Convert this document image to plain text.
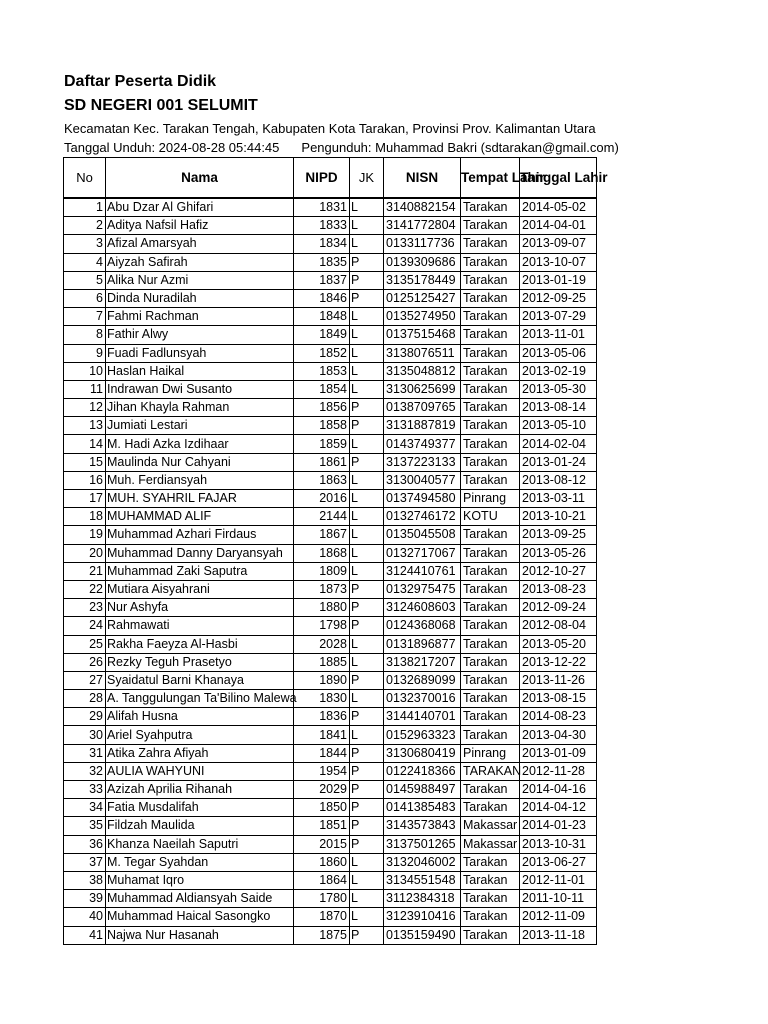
Daftar Peserta Didik
SD NEGERI 001 SELUMIT
Kecamatan Kec. Tarakan Tengah, Kabupaten Kota Tarakan, Provinsi Prov. Kalimantan Utara
Tanggal Unduh: 2024-08-28 05:44:45 Pengunduh: Muhammad Bakri (sdtarakan@gmail.com)
No	Nama	NIPD	JK	NISN	Tempat Lahir	Tanggal Lahir

1	Abu Dzar Al Ghifari	1831	L	3140882154	Tarakan	2014-05-02
2	Aditya Nafsil Hafiz	1833	L	3141772804	Tarakan	2014-04-01
3	Afizal Amarsyah	1834	L	0133117736	Tarakan	2013-09-07
4	Aiyzah Safirah	1835	P	0139309686	Tarakan	2013-10-07
5	Alika Nur Azmi	1837	P	3135178449	Tarakan	2013-01-19
6	Dinda Nuradilah	1846	P	0125125427	Tarakan	2012-09-25
7	Fahmi Rachman	1848	L	0135274950	Tarakan	2013-07-29
8	Fathir Alwy	1849	L	0137515468	Tarakan	2013-11-01
9	Fuadi Fadlunsyah	1852	L	3138076511	Tarakan	2013-05-06
10	Haslan Haikal	1853	L	3135048812	Tarakan	2013-02-19
11	Indrawan Dwi Susanto	1854	L	3130625699	Tarakan	2013-05-30
12	Jihan Khayla Rahman	1856	P	0138709765	Tarakan	2013-08-14
13	Jumiati Lestari	1858	P	3131887819	Tarakan	2013-05-10
14	M. Hadi Azka Izdihaar	1859	L	0143749377	Tarakan	2014-02-04
15	Maulinda Nur Cahyani	1861	P	3137223133	Tarakan	2013-01-24
16	Muh. Ferdiansyah	1863	L	3130040577	Tarakan	2013-08-12
17	MUH. SYAHRIL FAJAR	2016	L	0137494580	Pinrang	2013-03-11
18	MUHAMMAD ALIF	2144	L	0132746172	KOTU	2013-10-21
19	Muhammad Azhari Firdaus	1867	L	0135045508	Tarakan	2013-09-25
20	Muhammad Danny Daryansyah	1868	L	0132717067	Tarakan	2013-05-26
21	Muhammad Zaki Saputra	1809	L	3124410761	Tarakan	2012-10-27
22	Mutiara Aisyahrani	1873	P	0132975475	Tarakan	2013-08-23
23	Nur Ashyfa	1880	P	3124608603	Tarakan	2012-09-24
24	Rahmawati	1798	P	0124368068	Tarakan	2012-08-04
25	Rakha Faeyza Al-Hasbi	2028	L	0131896877	Tarakan	2013-05-20
26	Rezky Teguh Prasetyo	1885	L	3138217207	Tarakan	2013-12-22
27	Syaidatul Barni Khanaya	1890	P	0132689099	Tarakan	2013-11-26
28	A. Tanggulungan Ta'Bilino Malewa	1830	L	0132370016	Tarakan	2013-08-15
29	Alifah Husna	1836	P	3144140701	Tarakan	2014-08-23
30	Ariel Syahputra	1841	L	0152963323	Tarakan	2013-04-30
31	Atika Zahra Afiyah	1844	P	3130680419	Pinrang	2013-01-09
32	AULIA WAHYUNI	1954	P	0122418366	TARAKAN	2012-11-28
33	Azizah Aprilia Rihanah	2029	P	0145988497	Tarakan	2014-04-16
34	Fatia Musdalifah	1850	P	0141385483	Tarakan	2014-04-12
35	Fildzah Maulida	1851	P	3143573843	Makassar	2014-01-23
36	Khanza Naeilah Saputri	2015	P	3137501265	Makassar	2013-10-31
37	M. Tegar Syahdan	1860	L	3132046002	Tarakan	2013-06-27
38	Muhamat Iqro	1864	L	3134551548	Tarakan	2012-11-01
39	Muhammad Aldiansyah Saide	1780	L	3112384318	Tarakan	2011-10-11
40	Muhammad Haical Sasongko	1870	L	3123910416	Tarakan	2012-11-09
41	Najwa Nur Hasanah	1875	P	0135159490	Tarakan	2013-11-18
